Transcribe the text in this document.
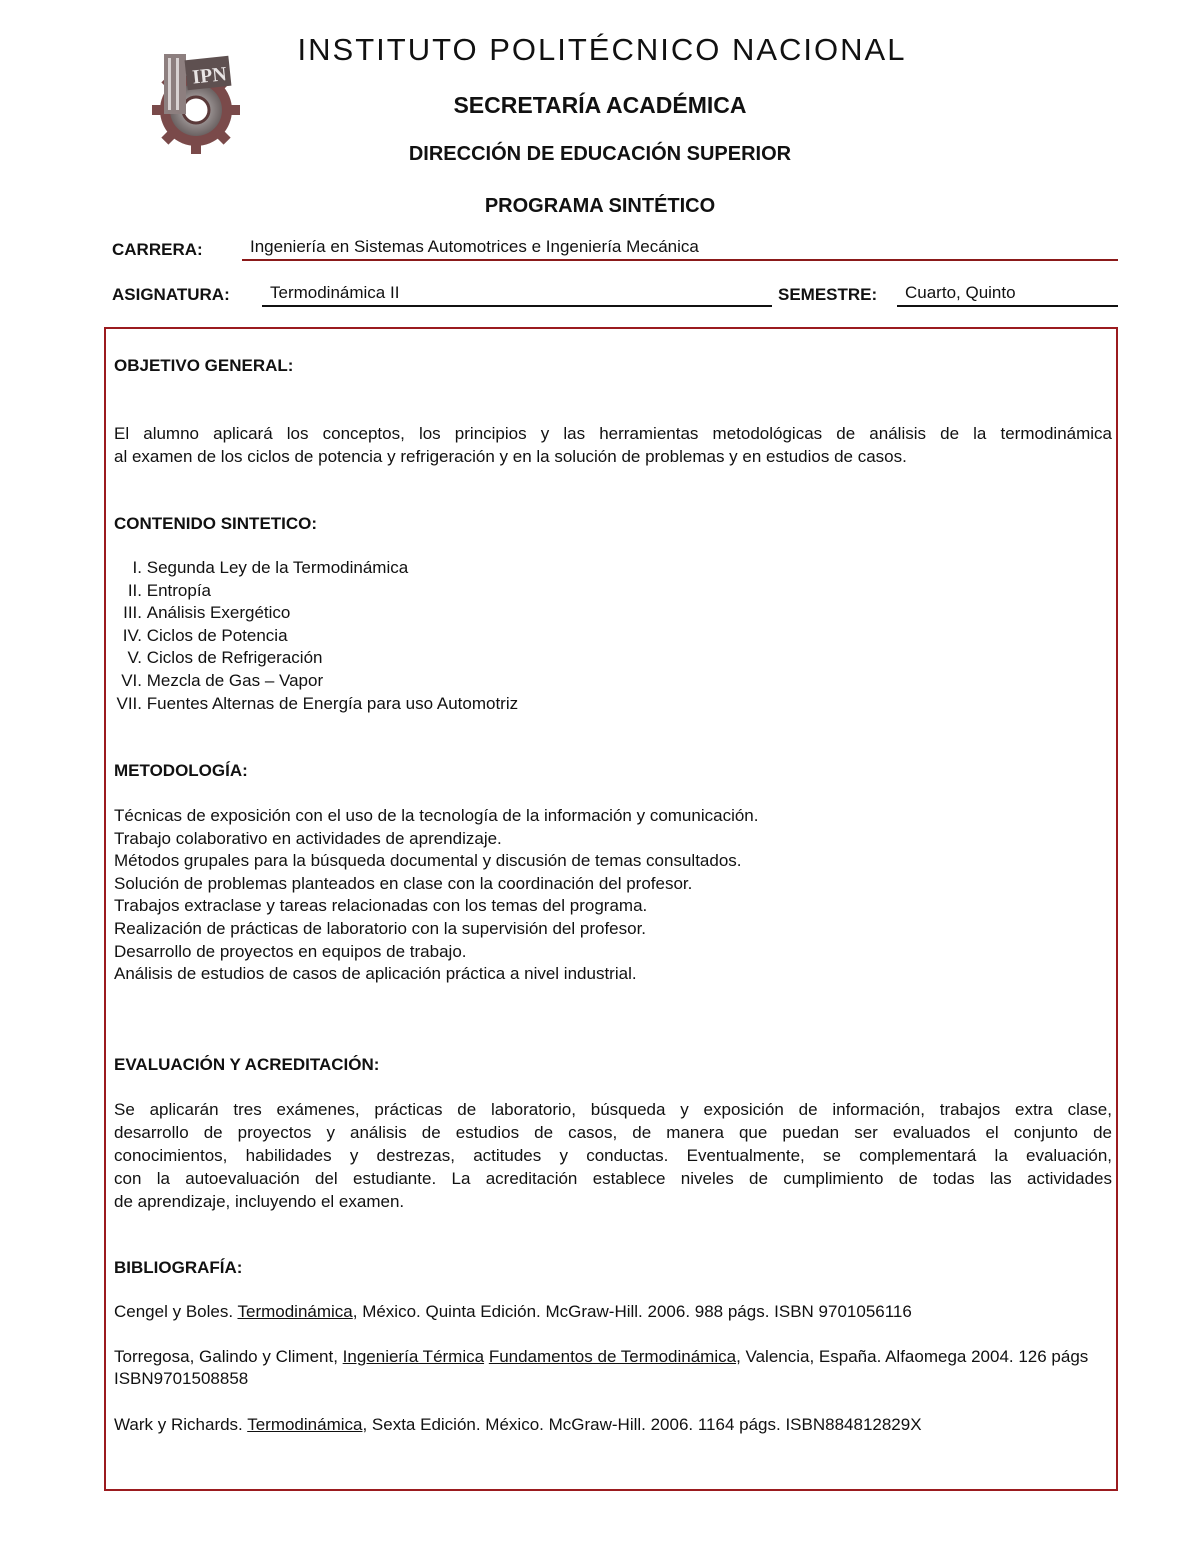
IPN
INSTITUTO POLITÉCNICO NACIONAL
SECRETARÍA ACADÉMICA
DIRECCIÓN DE EDUCACIÓN SUPERIOR
PROGRAMA SINTÉTICO
CARRERA:	Ingeniería en Sistemas Automotrices e Ingeniería Mecánica
ASIGNATURA:	Termodinámica II	SEMESTRE:	Cuarto, Quinto
OBJETIVO GENERAL:
El alumno aplicará los conceptos, los principios y las herramientas metodológicas de análisis de la termodinámica
al examen de los ciclos de potencia y refrigeración y en la solución de problemas y en estudios de casos.
CONTENIDO SINTETICO:
I.
Segunda Ley de la Termodinámica
II.
Entropía
III.
Análisis Exergético
IV.
Ciclos de Potencia
V.
Ciclos de Refrigeración
VI.
Mezcla de Gas – Vapor
VII.
Fuentes Alternas de Energía para uso Automotriz
METODOLOGÍA:
Técnicas de exposición con el uso de la tecnología de la información y comunicación.
Trabajo colaborativo en actividades de aprendizaje.
Métodos grupales para la búsqueda documental y discusión de temas consultados.
Solución de problemas planteados en clase con la coordinación del profesor.
Trabajos extraclase y tareas relacionadas con los temas del programa.
Realización de prácticas de laboratorio con la supervisión del profesor.
Desarrollo de proyectos en equipos de trabajo.
Análisis de estudios de casos de aplicación práctica a nivel industrial.
EVALUACIÓN Y ACREDITACIÓN:
Se aplicarán tres exámenes, prácticas de laboratorio, búsqueda y exposición de información, trabajos extra clase,
desarrollo de proyectos y análisis de estudios de casos, de manera que puedan ser evaluados el conjunto de
conocimientos, habilidades y destrezas, actitudes y conductas. Eventualmente, se complementará la evaluación,
con la autoevaluación del estudiante. La acreditación establece niveles de cumplimiento de todas las actividades
de aprendizaje, incluyendo el examen.
BIBLIOGRAFÍA:
Cengel y Boles. Termodinámica, México. Quinta Edición. McGraw-Hill. 2006. 988 págs. ISBN 9701056116
Torregosa, Galindo y Climent, Ingeniería Térmica Fundamentos de Termodinámica, Valencia, España. Alfaomega 2004. 126 págs ISBN9701508858
Wark y Richards. Termodinámica, Sexta Edición. México. McGraw-Hill. 2006. 1164 págs. ISBN884812829X
